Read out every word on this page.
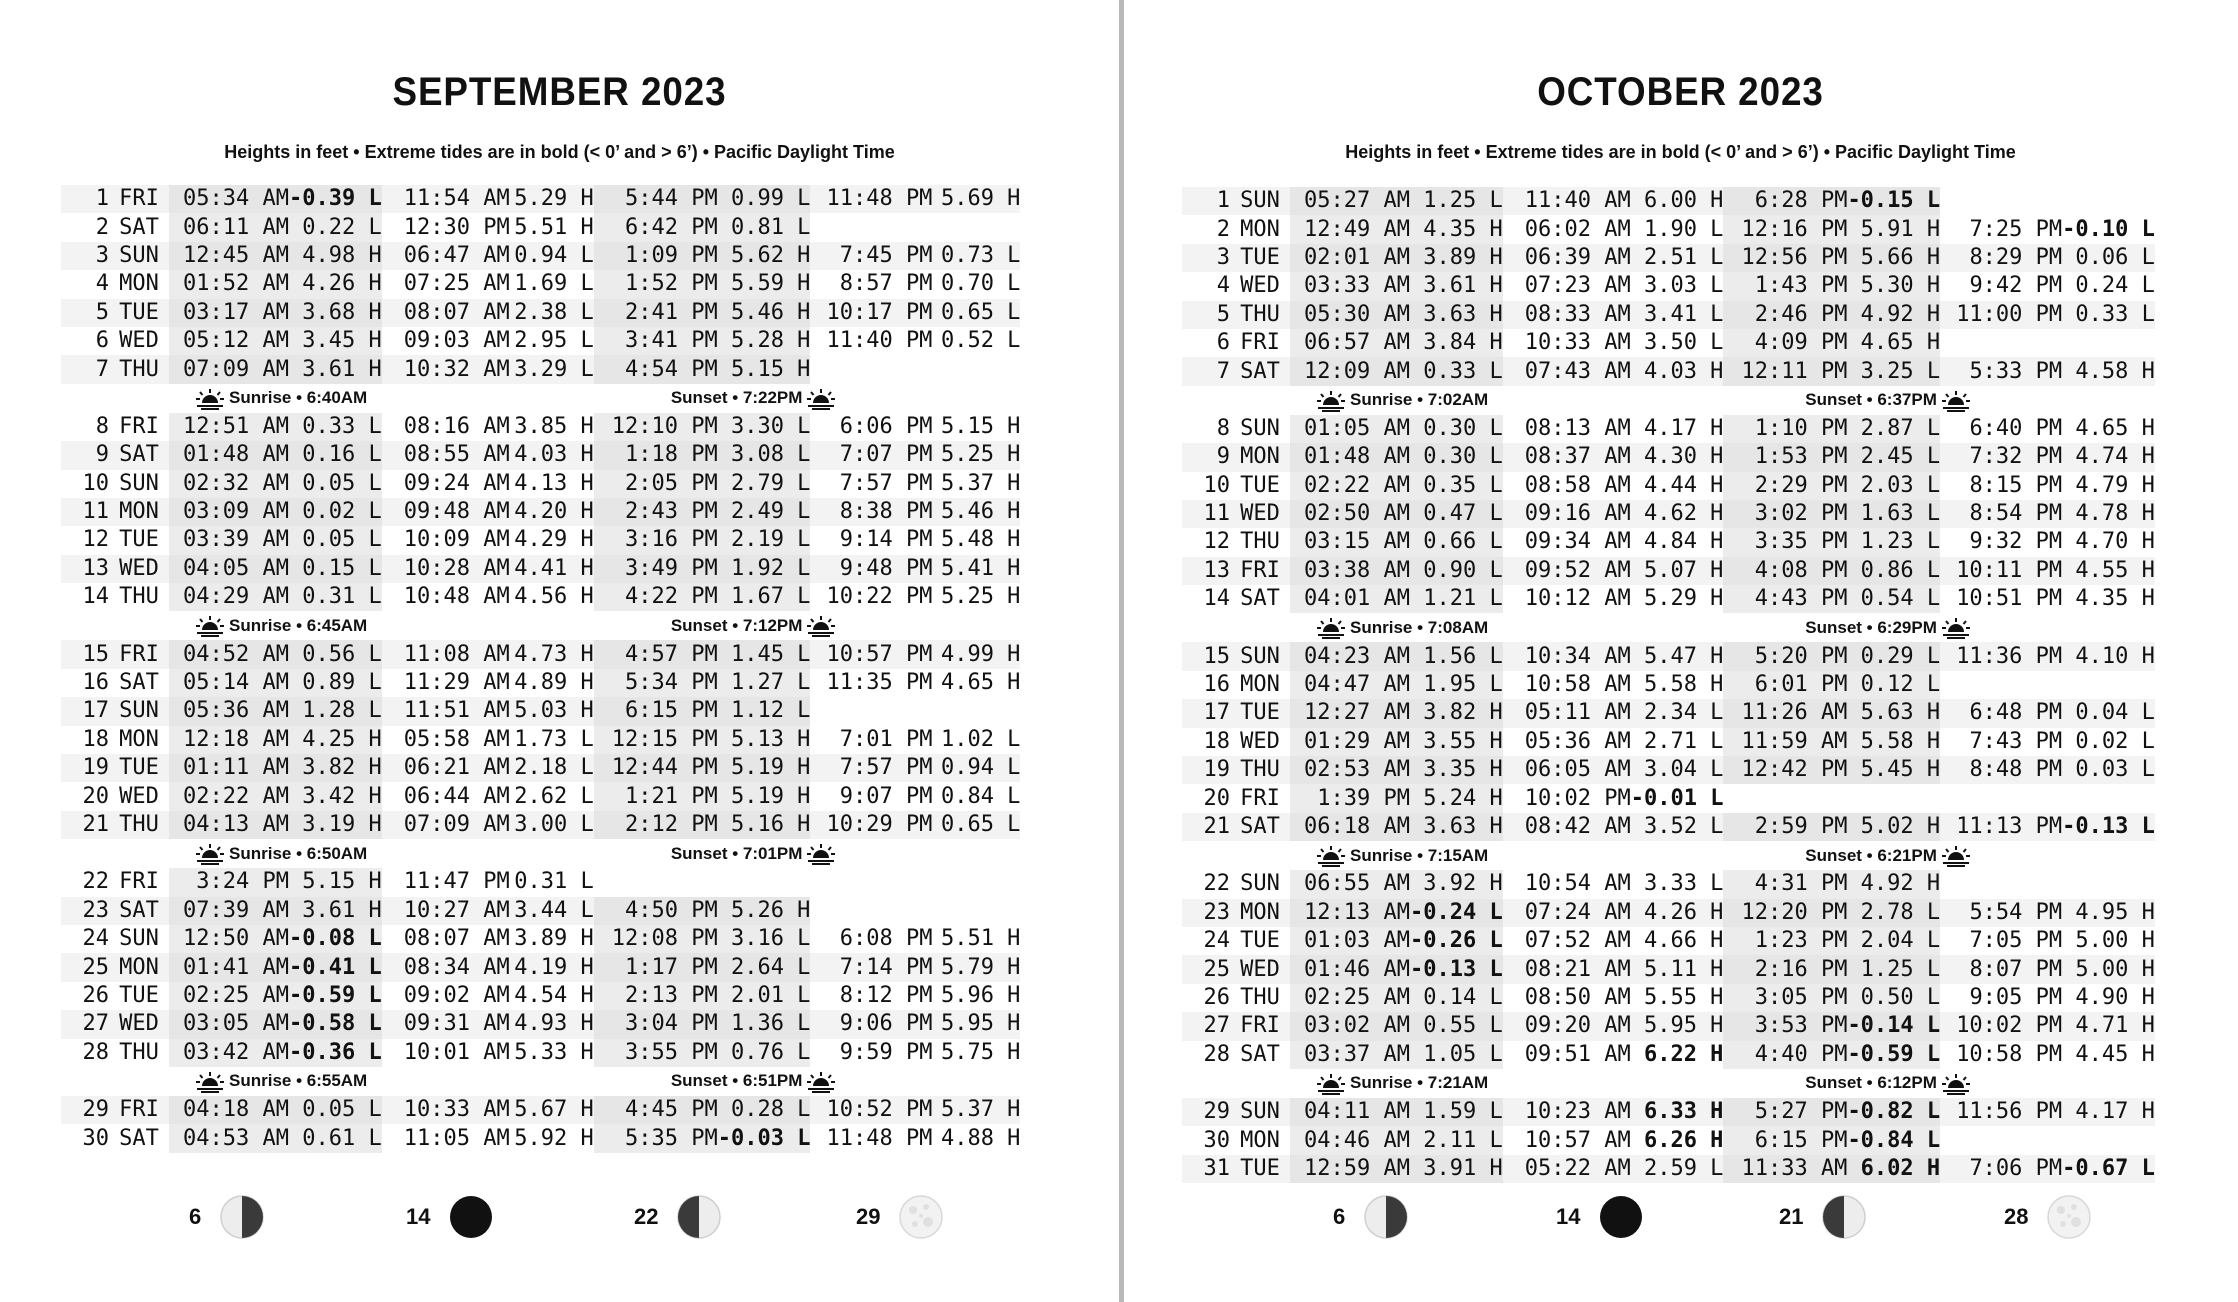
SEPTEMBER 2023
Heights in feet • Extreme tides are in bold (< 0’ and > 6’) • Pacific Daylight Time
1	FRI	05:34 AM	-0.39 L	11:54 AM	5.29 H	5:44 PM	0.99 L	11:48 PM	5.69 H
2	SAT	06:11 AM	0.22 L	12:30 PM	5.51 H	6:42 PM	0.81 L		
3	SUN	12:45 AM	4.98 H	06:47 AM	0.94 L	1:09 PM	5.62 H	7:45 PM	0.73 L
4	MON	01:52 AM	4.26 H	07:25 AM	1.69 L	1:52 PM	5.59 H	8:57 PM	0.70 L
5	TUE	03:17 AM	3.68 H	08:07 AM	2.38 L	2:41 PM	5.46 H	10:17 PM	0.65 L
6	WED	05:12 AM	3.45 H	09:03 AM	2.95 L	3:41 PM	5.28 H	11:40 PM	0.52 L
7	THU	07:09 AM	3.61 H	10:32 AM	3.29 L	4:54 PM	5.15 H		
Sunrise • 6:40AM					Sunset • 7:22PM				
8	FRI	12:51 AM	0.33 L	08:16 AM	3.85 H	12:10 PM	3.30 L	6:06 PM	5.15 H
9	SAT	01:48 AM	0.16 L	08:55 AM	4.03 H	1:18 PM	3.08 L	7:07 PM	5.25 H
10	SUN	02:32 AM	0.05 L	09:24 AM	4.13 H	2:05 PM	2.79 L	7:57 PM	5.37 H
11	MON	03:09 AM	0.02 L	09:48 AM	4.20 H	2:43 PM	2.49 L	8:38 PM	5.46 H
12	TUE	03:39 AM	0.05 L	10:09 AM	4.29 H	3:16 PM	2.19 L	9:14 PM	5.48 H
13	WED	04:05 AM	0.15 L	10:28 AM	4.41 H	3:49 PM	1.92 L	9:48 PM	5.41 H
14	THU	04:29 AM	0.31 L	10:48 AM	4.56 H	4:22 PM	1.67 L	10:22 PM	5.25 H
Sunrise • 6:45AM					Sunset • 7:12PM				
15	FRI	04:52 AM	0.56 L	11:08 AM	4.73 H	4:57 PM	1.45 L	10:57 PM	4.99 H
16	SAT	05:14 AM	0.89 L	11:29 AM	4.89 H	5:34 PM	1.27 L	11:35 PM	4.65 H
17	SUN	05:36 AM	1.28 L	11:51 AM	5.03 H	6:15 PM	1.12 L		
18	MON	12:18 AM	4.25 H	05:58 AM	1.73 L	12:15 PM	5.13 H	7:01 PM	1.02 L
19	TUE	01:11 AM	3.82 H	06:21 AM	2.18 L	12:44 PM	5.19 H	7:57 PM	0.94 L
20	WED	02:22 AM	3.42 H	06:44 AM	2.62 L	1:21 PM	5.19 H	9:07 PM	0.84 L
21	THU	04:13 AM	3.19 H	07:09 AM	3.00 L	2:12 PM	5.16 H	10:29 PM	0.65 L
Sunrise • 6:50AM					Sunset • 7:01PM				
22	FRI	3:24 PM	5.15 H	11:47 PM	0.31 L				
23	SAT	07:39 AM	3.61 H	10:27 AM	3.44 L	4:50 PM	5.26 H		
24	SUN	12:50 AM	-0.08 L	08:07 AM	3.89 H	12:08 PM	3.16 L	6:08 PM	5.51 H
25	MON	01:41 AM	-0.41 L	08:34 AM	4.19 H	1:17 PM	2.64 L	7:14 PM	5.79 H
26	TUE	02:25 AM	-0.59 L	09:02 AM	4.54 H	2:13 PM	2.01 L	8:12 PM	5.96 H
27	WED	03:05 AM	-0.58 L	09:31 AM	4.93 H	3:04 PM	1.36 L	9:06 PM	5.95 H
28	THU	03:42 AM	-0.36 L	10:01 AM	5.33 H	3:55 PM	0.76 L	9:59 PM	5.75 H
Sunrise • 6:55AM					Sunset • 6:51PM				
29	FRI	04:18 AM	0.05 L	10:33 AM	5.67 H	4:45 PM	0.28 L	10:52 PM	5.37 H
30	SAT	04:53 AM	0.61 L	11:05 AM	5.92 H	5:35 PM	-0.03 L	11:48 PM	4.88 H
6	14	22	29
OCTOBER 2023
Heights in feet • Extreme tides are in bold (< 0’ and > 6’) • Pacific Daylight Time
1	SUN	05:27 AM	1.25 L	11:40 AM	6.00 H	6:28 PM	-0.15 L		
2	MON	12:49 AM	4.35 H	06:02 AM	1.90 L	12:16 PM	5.91 H	7:25 PM	-0.10 L
3	TUE	02:01 AM	3.89 H	06:39 AM	2.51 L	12:56 PM	5.66 H	8:29 PM	0.06 L
4	WED	03:33 AM	3.61 H	07:23 AM	3.03 L	1:43 PM	5.30 H	9:42 PM	0.24 L
5	THU	05:30 AM	3.63 H	08:33 AM	3.41 L	2:46 PM	4.92 H	11:00 PM	0.33 L
6	FRI	06:57 AM	3.84 H	10:33 AM	3.50 L	4:09 PM	4.65 H		
7	SAT	12:09 AM	0.33 L	07:43 AM	4.03 H	12:11 PM	3.25 L	5:33 PM	4.58 H
Sunrise • 7:02AM					Sunset • 6:37PM				
8	SUN	01:05 AM	0.30 L	08:13 AM	4.17 H	1:10 PM	2.87 L	6:40 PM	4.65 H
9	MON	01:48 AM	0.30 L	08:37 AM	4.30 H	1:53 PM	2.45 L	7:32 PM	4.74 H
10	TUE	02:22 AM	0.35 L	08:58 AM	4.44 H	2:29 PM	2.03 L	8:15 PM	4.79 H
11	WED	02:50 AM	0.47 L	09:16 AM	4.62 H	3:02 PM	1.63 L	8:54 PM	4.78 H
12	THU	03:15 AM	0.66 L	09:34 AM	4.84 H	3:35 PM	1.23 L	9:32 PM	4.70 H
13	FRI	03:38 AM	0.90 L	09:52 AM	5.07 H	4:08 PM	0.86 L	10:11 PM	4.55 H
14	SAT	04:01 AM	1.21 L	10:12 AM	5.29 H	4:43 PM	0.54 L	10:51 PM	4.35 H
Sunrise • 7:08AM					Sunset • 6:29PM				
15	SUN	04:23 AM	1.56 L	10:34 AM	5.47 H	5:20 PM	0.29 L	11:36 PM	4.10 H
16	MON	04:47 AM	1.95 L	10:58 AM	5.58 H	6:01 PM	0.12 L		
17	TUE	12:27 AM	3.82 H	05:11 AM	2.34 L	11:26 AM	5.63 H	6:48 PM	0.04 L
18	WED	01:29 AM	3.55 H	05:36 AM	2.71 L	11:59 AM	5.58 H	7:43 PM	0.02 L
19	THU	02:53 AM	3.35 H	06:05 AM	3.04 L	12:42 PM	5.45 H	8:48 PM	0.03 L
20	FRI	1:39 PM	5.24 H	10:02 PM	-0.01 L				
21	SAT	06:18 AM	3.63 H	08:42 AM	3.52 L	2:59 PM	5.02 H	11:13 PM	-0.13 L
Sunrise • 7:15AM					Sunset • 6:21PM				
22	SUN	06:55 AM	3.92 H	10:54 AM	3.33 L	4:31 PM	4.92 H		
23	MON	12:13 AM	-0.24 L	07:24 AM	4.26 H	12:20 PM	2.78 L	5:54 PM	4.95 H
24	TUE	01:03 AM	-0.26 L	07:52 AM	4.66 H	1:23 PM	2.04 L	7:05 PM	5.00 H
25	WED	01:46 AM	-0.13 L	08:21 AM	5.11 H	2:16 PM	1.25 L	8:07 PM	5.00 H
26	THU	02:25 AM	0.14 L	08:50 AM	5.55 H	3:05 PM	0.50 L	9:05 PM	4.90 H
27	FRI	03:02 AM	0.55 L	09:20 AM	5.95 H	3:53 PM	-0.14 L	10:02 PM	4.71 H
28	SAT	03:37 AM	1.05 L	09:51 AM	6.22 H	4:40 PM	-0.59 L	10:58 PM	4.45 H
Sunrise • 7:21AM					Sunset • 6:12PM				
29	SUN	04:11 AM	1.59 L	10:23 AM	6.33 H	5:27 PM	-0.82 L	11:56 PM	4.17 H
30	MON	04:46 AM	2.11 L	10:57 AM	6.26 H	6:15 PM	-0.84 L		
31	TUE	12:59 AM	3.91 H	05:22 AM	2.59 L	11:33 AM	6.02 H	7:06 PM	-0.67 L
6	14	21	28
